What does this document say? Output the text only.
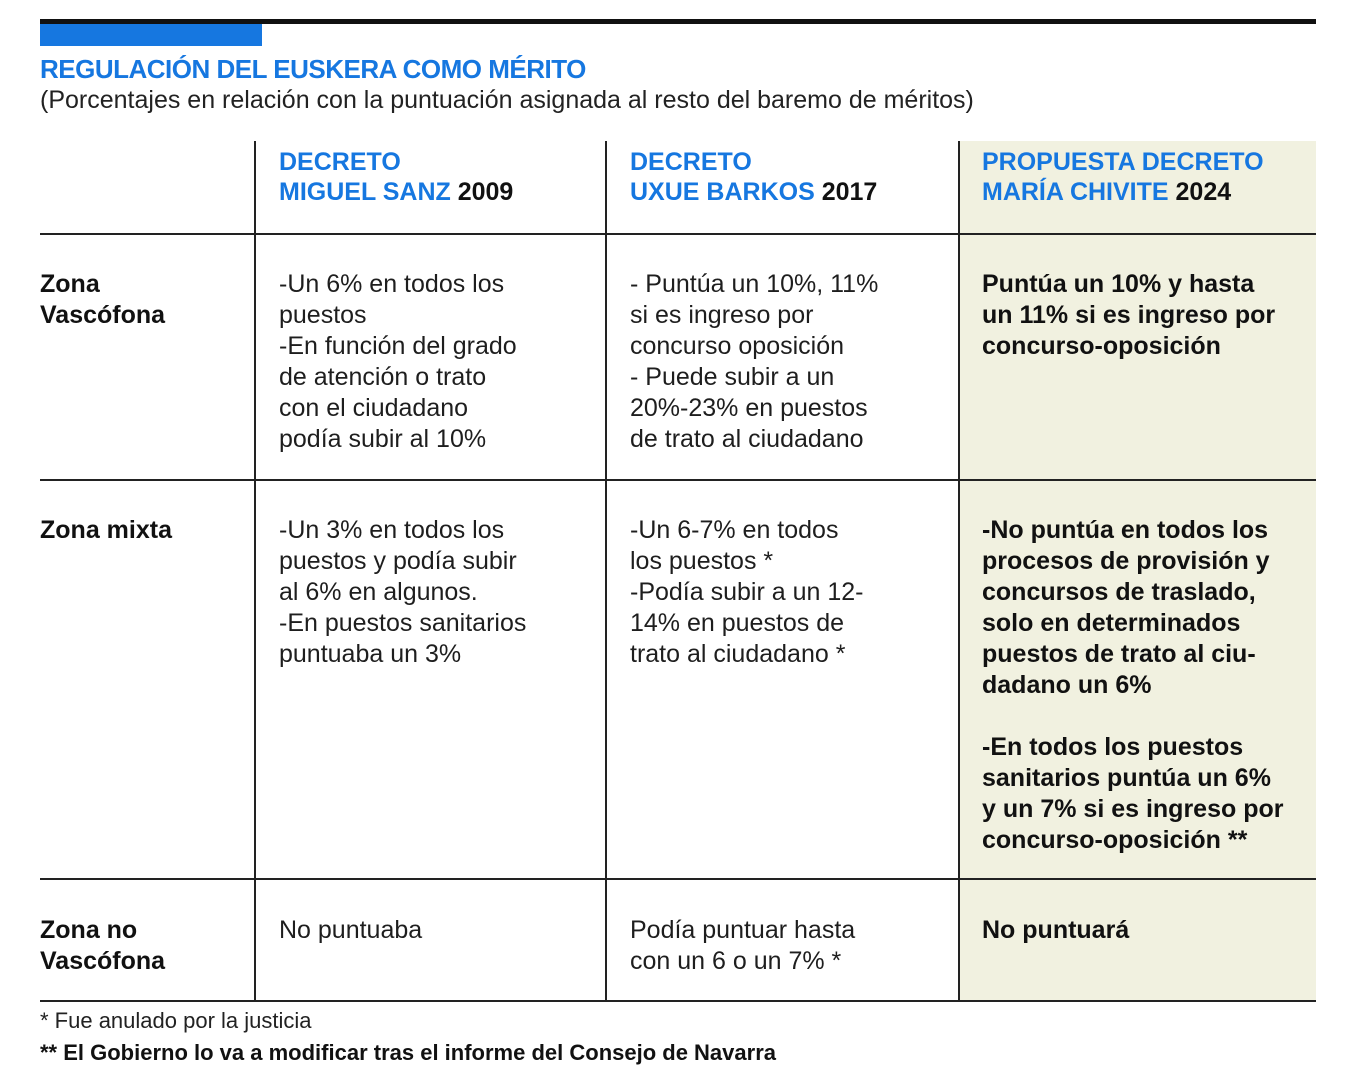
REGULACIÓN DEL EUSKERA COMO MÉRITO
(Porcentajes en relación con la puntuación asignada al resto del baremo de méritos)
DECRETO
MIGUEL SANZ 2009
DECRETO
UXUE BARKOS 2017
PROPUESTA DECRETO
MARÍA CHIVITE 2024
Zona
Vascófona
-Un 6% en todos los
puestos
-En función del grado
de atención o trato
con el ciudadano
podía subir al 10%
- Puntúa un 10%, 11%
si es ingreso por
concurso oposición
- Puede subir a un
20%-23% en puestos
de trato al ciudadano
Puntúa un 10% y hasta
un 11% si es ingreso por
concurso-oposición
Zona mixta	-Un 3% en todos los
puestos y podía subir
al 6% en algunos.
-En puestos sanitarios
puntuaba un 3%
-Un 6-7% en todos
los puestos *
-Podía subir a un 12-
14% en puestos de
trato al ciudadano *
-No puntúa en todos los
procesos de provisión y
concursos de traslado,
solo en determinados
puestos de trato al ciu-
dadano un 6%
-En todos los puestos
sanitarios puntúa un 6%
y un 7% si es ingreso por
concurso-oposición **
Zona no
Vascófona
No puntuaba	Podía puntuar hasta
con un 6 o un 7% *
No puntuará
* Fue anulado por la justicia
** El Gobierno lo va a modificar tras el informe del Consejo de Navarra
